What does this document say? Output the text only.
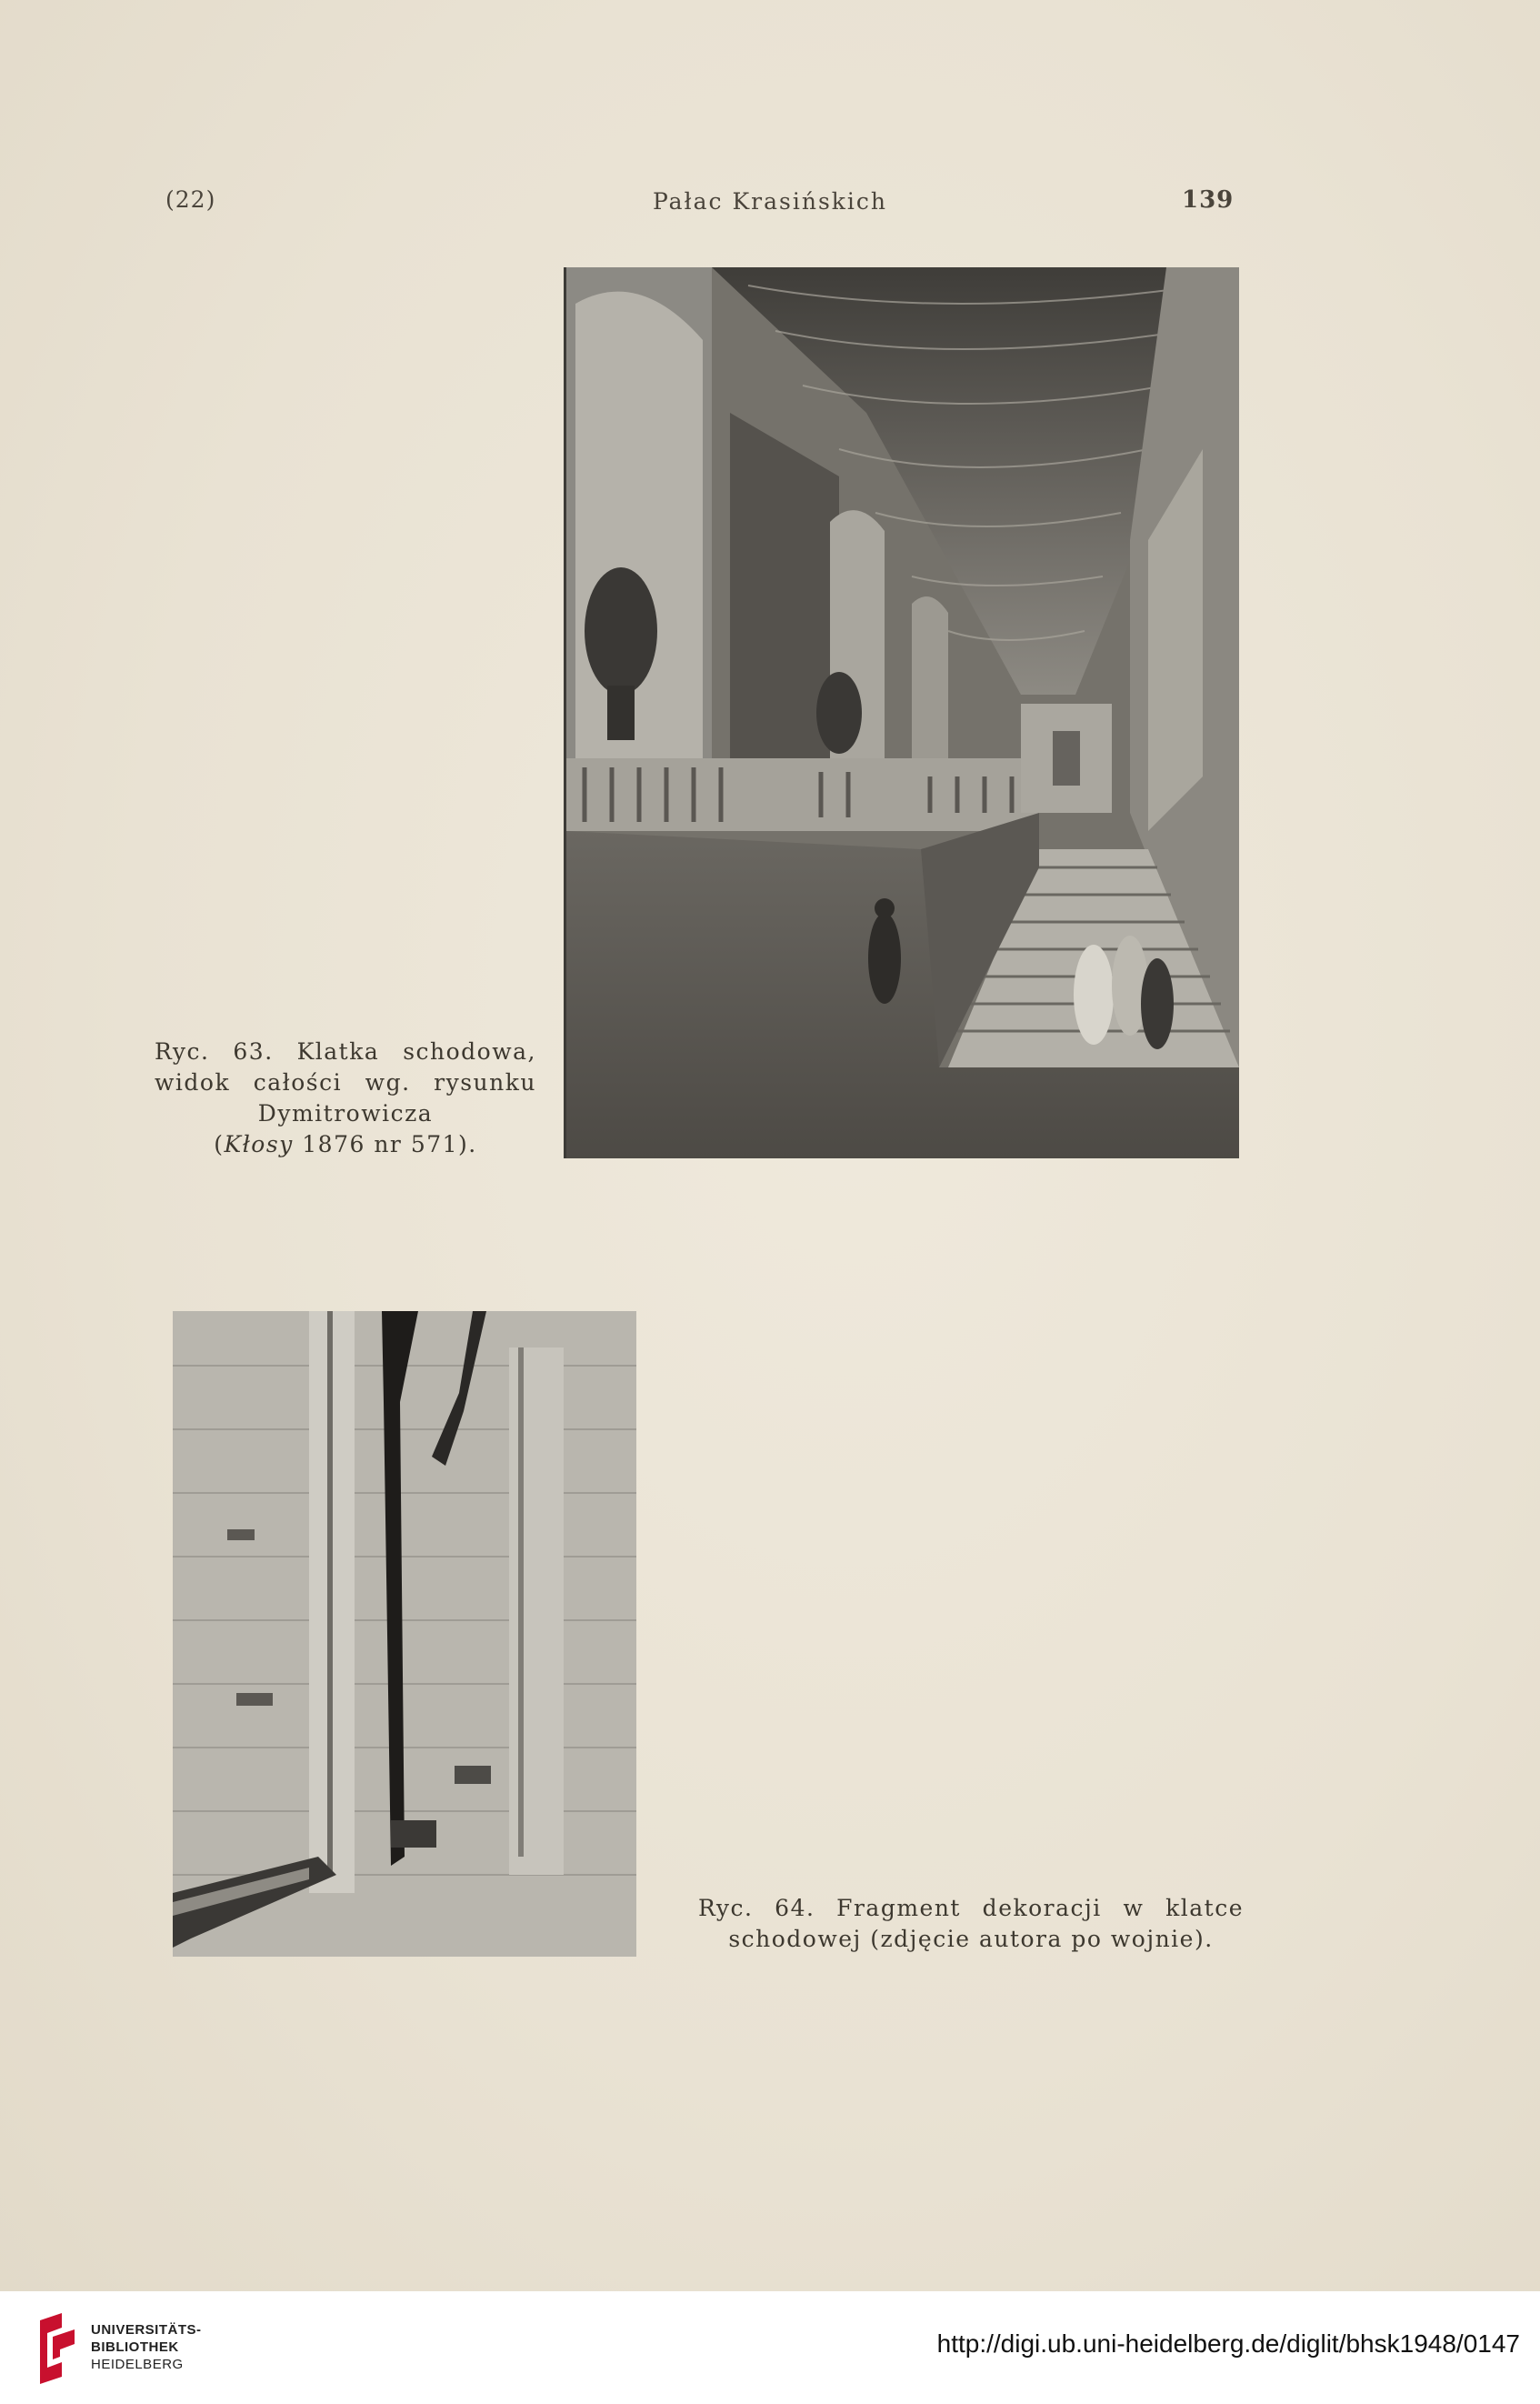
(22)	Pałac Krasińskich	139
Ryc. 63. Klatka schodowa,
widok całości wg. rysunku
Dymitrowicza
(Kłosy 1876 nr 571).
Ryc. 64. Fragment dekoracji w klatce
schodowej (zdjęcie autora po wojnie).
UNIVERSITÄTS-
BIBLIOTHEK
HEIDELBERG
http://digi.ub.uni-heidelberg.de/diglit/bhsk1948/0147
